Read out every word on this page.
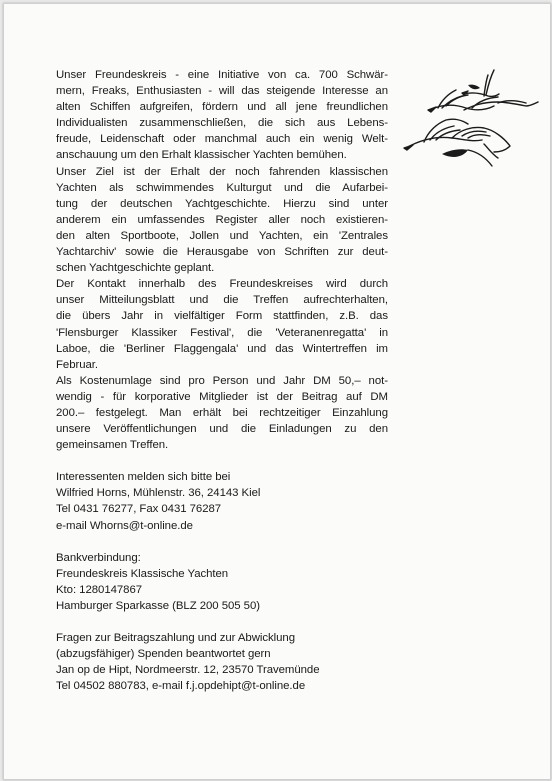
Unser Freundeskreis - eine Initiative von ca. 700 Schwär-
mern, Freaks, Enthusiasten - will das steigende Interesse an
alten Schiffen aufgreifen, fördern und all jene freundlichen
Individualisten zusammenschließen, die sich aus Lebens-
freude, Leidenschaft oder manchmal auch ein wenig Welt-
anschauung um den Erhalt klassischer Yachten bemühen.
Unser Ziel ist der Erhalt der noch fahrenden klassischen
Yachten als schwimmendes Kulturgut und die Aufarbei-
tung der deutschen Yachtgeschichte. Hierzu sind unter
anderem ein umfassendes Register aller noch existieren-
den alten Sportboote, Jollen und Yachten, ein 'Zentrales
Yachtarchiv' sowie die Herausgabe von Schriften zur deut-
schen Yachtgeschichte geplant.
Der Kontakt innerhalb des Freundeskreises wird durch
unser Mitteilungsblatt und die Treffen aufrechterhalten,
die übers Jahr in vielfältiger Form stattfinden, z.B. das
'Flensburger Klassiker Festival', die 'Veteranenregatta' in
Laboe, die 'Berliner Flaggengala' und das Wintertreffen im
Februar.
Als Kostenumlage sind pro Person und Jahr DM 50,– not-
wendig - für korporative Mitglieder ist der Beitrag auf DM
200.– festgelegt. Man erhält bei rechtzeitiger Einzahlung
unsere Veröffentlichungen und die Einladungen zu den
gemeinsamen Treffen.
Interessenten melden sich bitte bei
Wilfried Horns, Mühlenstr. 36, 24143 Kiel
Tel 0431 76277, Fax 0431 76287
e-mail Whorns@t-online.de
Bankverbindung:
Freundeskreis Klassische Yachten
Kto: 1280147867
Hamburger Sparkasse (BLZ 200 505 50)
Fragen zur Beitragszahlung und zur Abwicklung
(abzugsfähiger) Spenden beantwortet gern
Jan op de Hipt, Nordmeerstr. 12, 23570 Travemünde
Tel 04502 880783, e-mail f.j.opdehipt@t-online.de
